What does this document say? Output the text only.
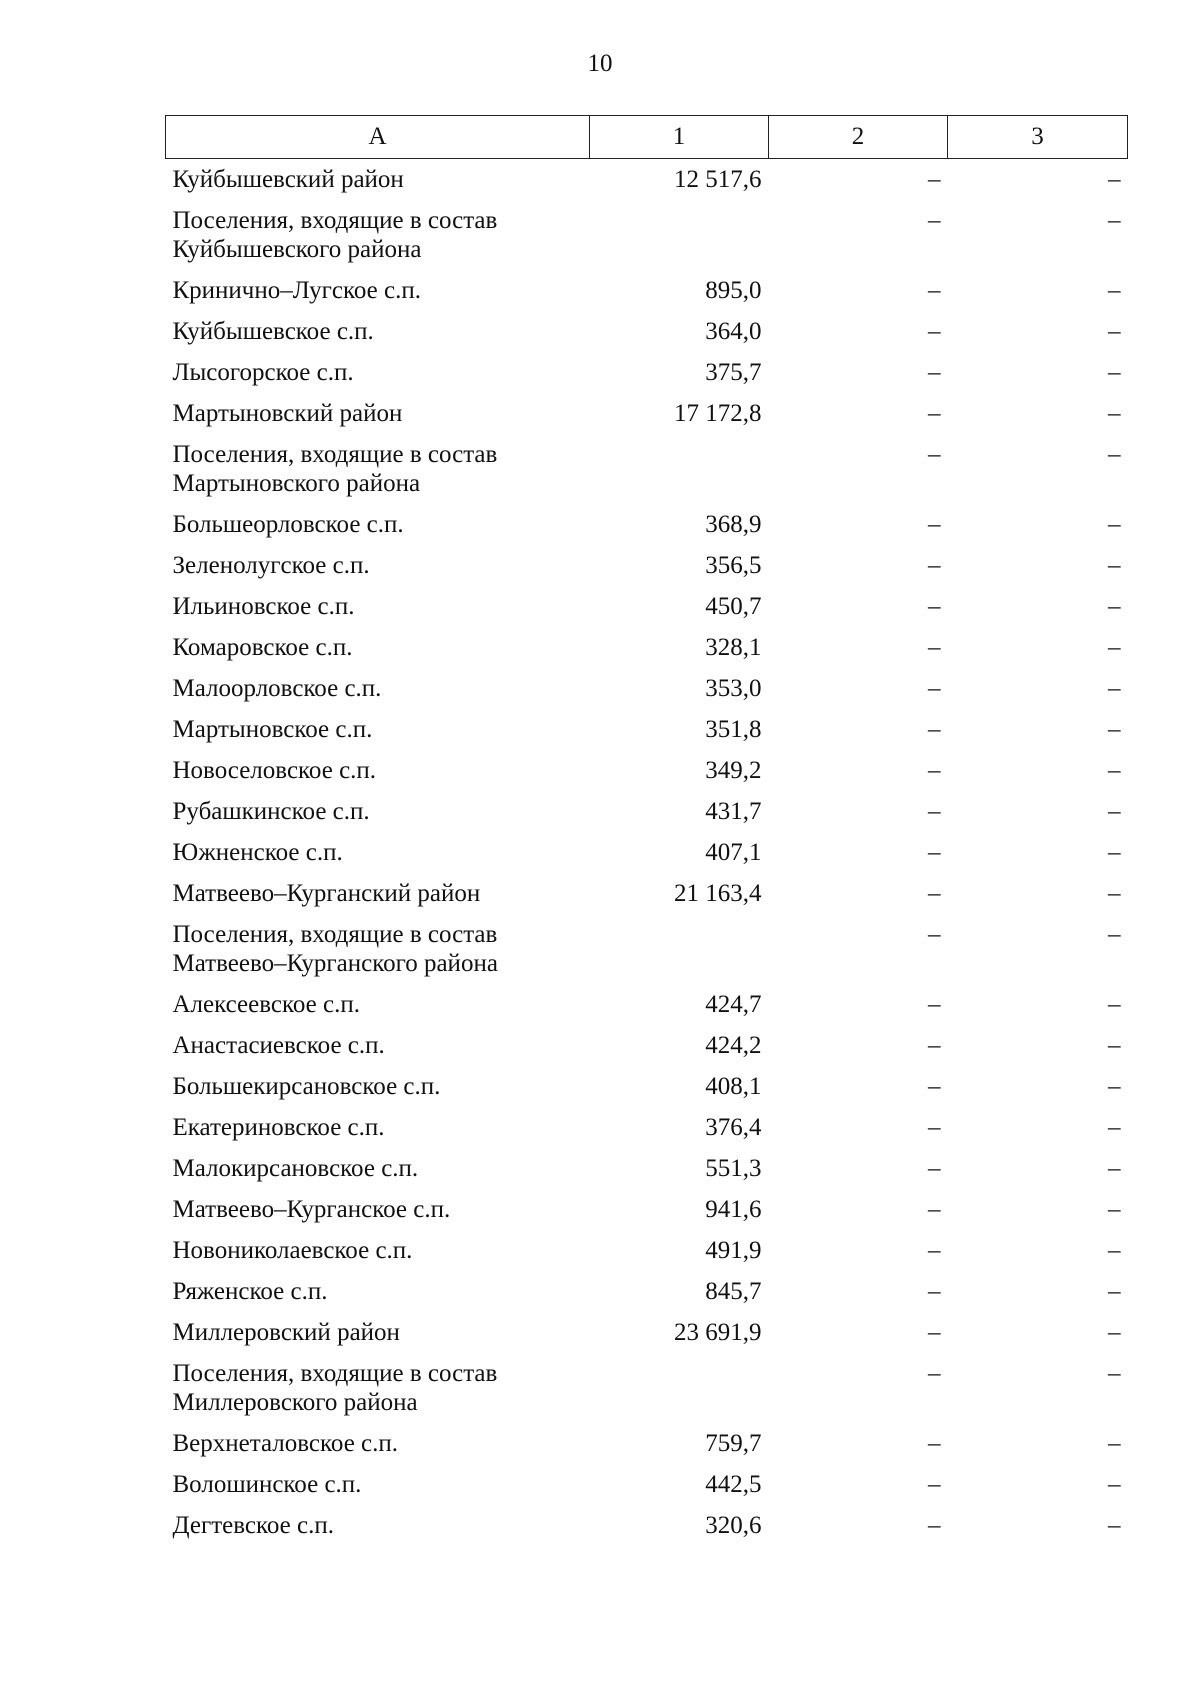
10
А	1	2	3
Куйбышевский район	12 517,6	–	–
Поселения, входящие в состав Куйбышевского района		–	–
Кринично–Лугское с.п.	895,0	–	–
Куйбышевское с.п.	364,0	–	–
Лысогорское с.п.	375,7	–	–
Мартыновский район	17 172,8	–	–
Поселения, входящие в состав Мартыновского района		–	–
Большеорловское с.п.	368,9	–	–
Зеленолугское с.п.	356,5	–	–
Ильиновское с.п.	450,7	–	–
Комаровское с.п.	328,1	–	–
Малоорловское с.п.	353,0	–	–
Мартыновское с.п.	351,8	–	–
Новоселовское с.п.	349,2	–	–
Рубашкинское с.п.	431,7	–	–
Южненское с.п.	407,1	–	–
Матвеево–Курганский район	21 163,4	–	–
Поселения, входящие в состав Матвеево–Курганского района		–	–
Алексеевское с.п.	424,7	–	–
Анастасиевское с.п.	424,2	–	–
Большекирсановское с.п.	408,1	–	–
Екатериновское с.п.	376,4	–	–
Малокирсановское с.п.	551,3	–	–
Матвеево–Курганское с.п.	941,6	–	–
Новониколаевское с.п.	491,9	–	–
Ряженское с.п.	845,7	–	–
Миллеровский район	23 691,9	–	–
Поселения, входящие в состав Миллеровского района		–	–
Верхнеталовское с.п.	759,7	–	–
Волошинское с.п.	442,5	–	–
Дегтевское с.п.	320,6	–	–
